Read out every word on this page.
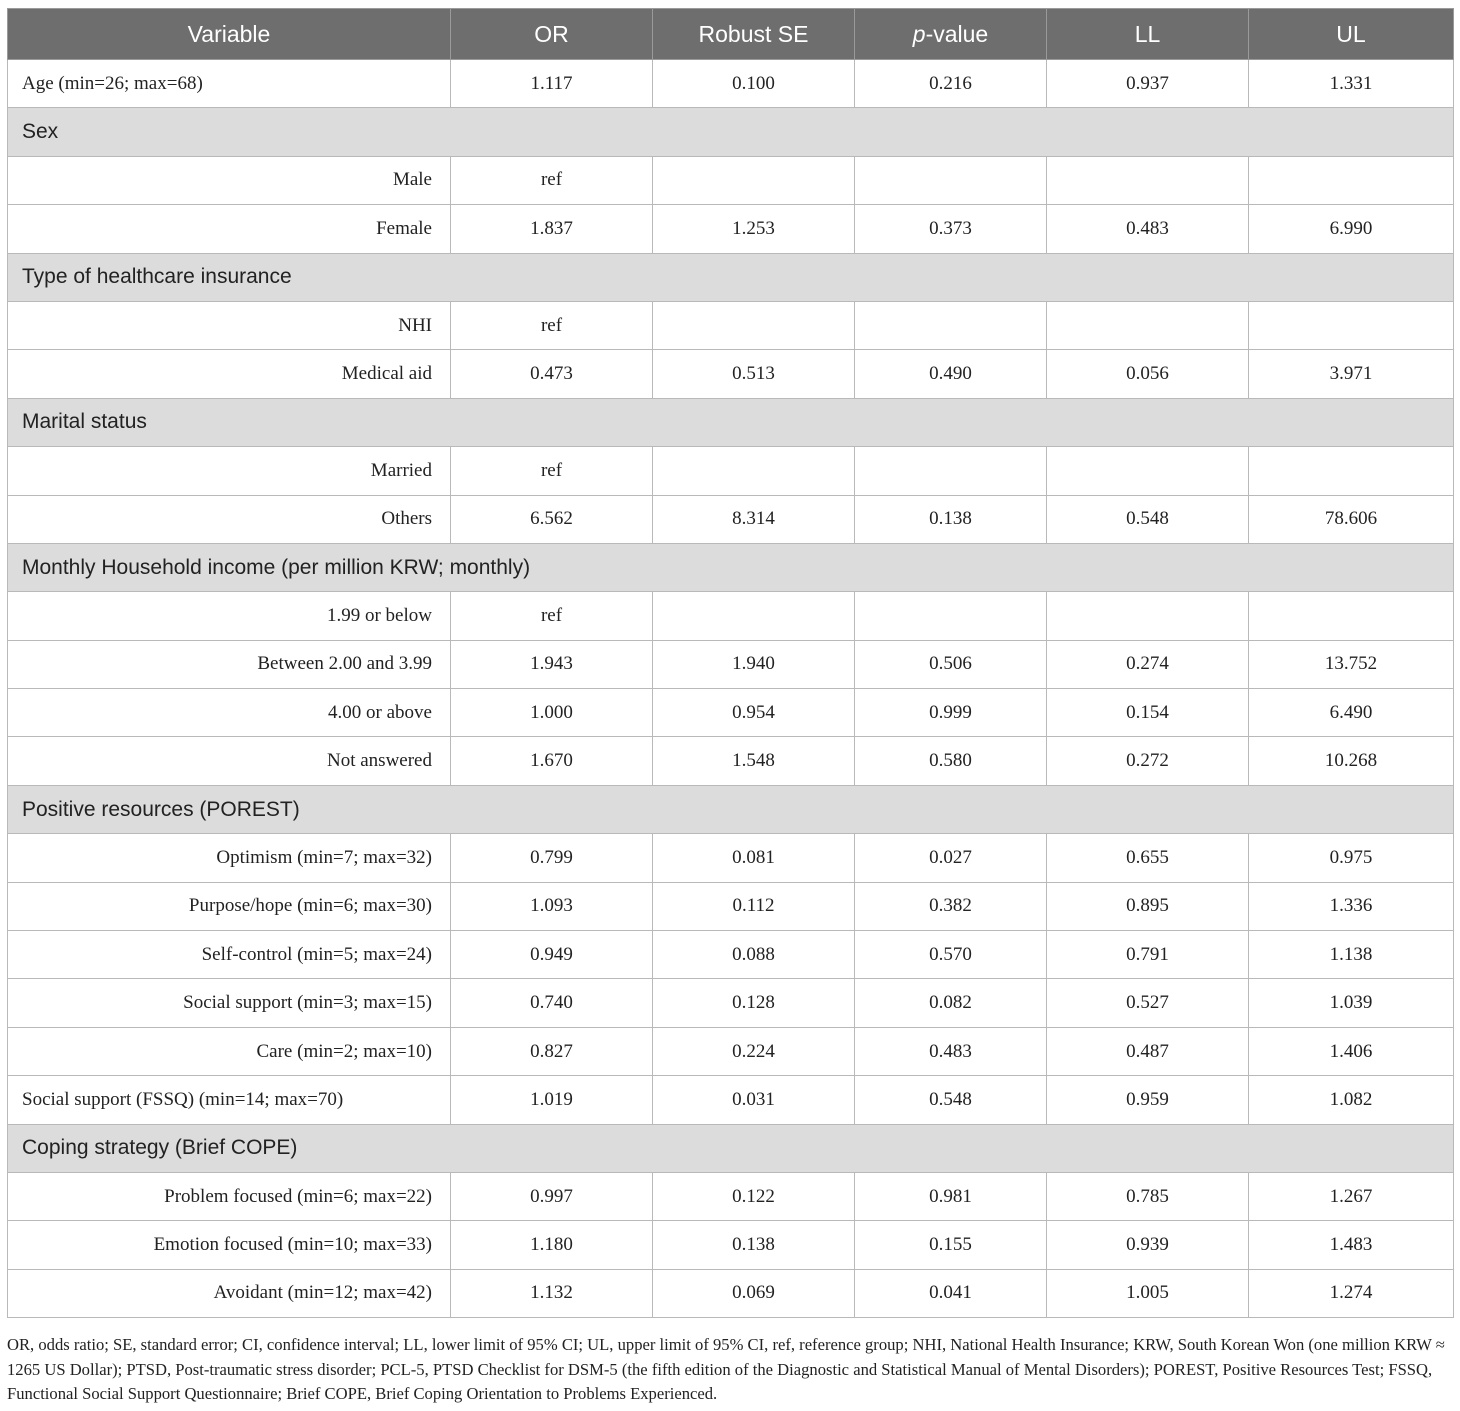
Variable	OR	Robust SE	p-value	LL	UL
Age (min=26; max=68)	1.117	0.100	0.216	0.937	1.331
Sex					
Male	ref				
Female	1.837	1.253	0.373	0.483	6.990
Type of healthcare insurance					
NHI	ref				
Medical aid	0.473	0.513	0.490	0.056	3.971
Marital status					
Married	ref				
Others	6.562	8.314	0.138	0.548	78.606
Monthly Household income (per million KRW; monthly)					
1.99 or below	ref				
Between 2.00 and 3.99	1.943	1.940	0.506	0.274	13.752
4.00 or above	1.000	0.954	0.999	0.154	6.490
Not answered	1.670	1.548	0.580	0.272	10.268
Positive resources (POREST)					
Optimism (min=7; max=32)	0.799	0.081	0.027	0.655	0.975
Purpose/hope (min=6; max=30)	1.093	0.112	0.382	0.895	1.336
Self-control (min=5; max=24)	0.949	0.088	0.570	0.791	1.138
Social support (min=3; max=15)	0.740	0.128	0.082	0.527	1.039
Care (min=2; max=10)	0.827	0.224	0.483	0.487	1.406
Social support (FSSQ) (min=14; max=70)	1.019	0.031	0.548	0.959	1.082
Coping strategy (Brief COPE)					
Problem focused (min=6; max=22)	0.997	0.122	0.981	0.785	1.267
Emotion focused (min=10; max=33)	1.180	0.138	0.155	0.939	1.483
Avoidant (min=12; max=42)	1.132	0.069	0.041	1.005	1.274
OR, odds ratio; SE, standard error; CI, confidence interval; LL, lower limit of 95% CI; UL, upper limit of 95% CI, ref, reference group; NHI, National Health Insurance; KRW, South Korean Won (one million KRW ≈ 1265 US Dollar); PTSD, Post-traumatic stress disorder; PCL-5, PTSD Checklist for DSM-5 (the fifth edition of the Diagnostic and Statistical Manual of Mental Disorders); POREST, Positive Resources Test; FSSQ, Functional Social Support Questionnaire; Brief COPE, Brief Coping Orientation to Problems Experienced.
